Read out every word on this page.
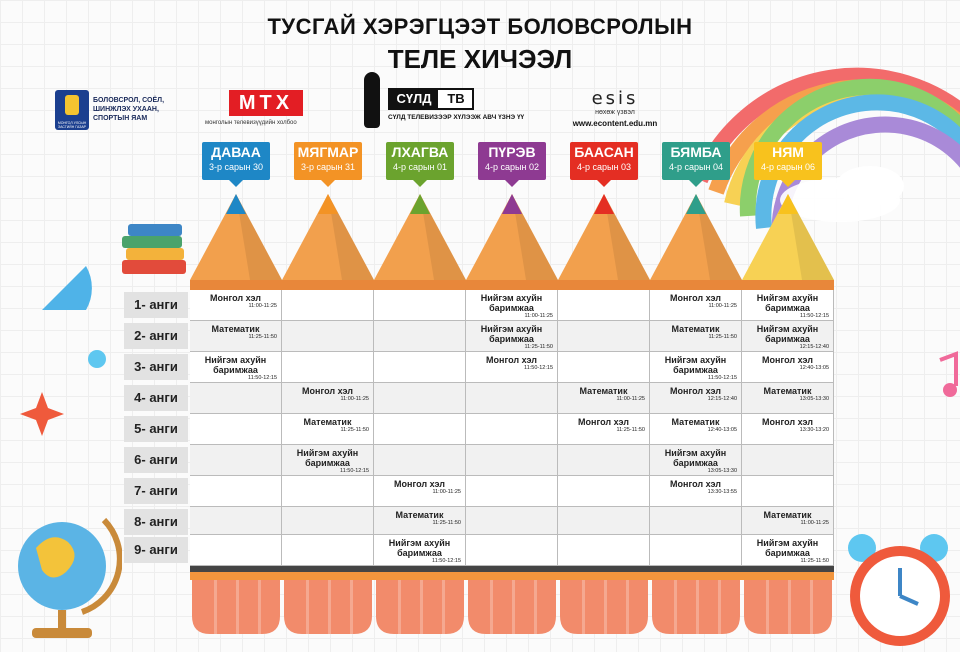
ТУСГАЙ ХЭРЭГЦЭЭТ БОЛОВСРОЛЫН
ТЕЛЕ ХИЧЭЭЛ
МОНГОЛ УЛСЫН ЗАСГИЙН ГАЗАР
БОЛОВСРОЛ, СОЁЛ, ШИНЖЛЭХ УХААН, СПОРТЫН ЯАМ
МТХ
монголын телевизүүдийн холбоо
СҮЛД	ТВ
СҮЛД ТЕЛЕВИЗЭЭР ХҮЛЭЭЖ АВЧ ҮЗНЭ ҮҮ
esis
нөхөж үзвэл
www.econtent.edu.mn
ДАВАА
3-р сарын 30
МЯГМАР
3-р сарын 31
ЛХАГВА
4-р сарын 01
ПҮРЭВ
4-р сарын 02
БААСАН
4-р сарын 03
БЯМБА
4-р сарын 04
НЯМ
4-р сарын 06
1- анги
2- анги
3- анги
4- анги
5- анги
6- анги
7- анги
8- анги
9- анги
Монгол хэл
11:00-11:25
Нийгэм ахуйн баримжаа
11:00-11:25
Монгол хэл
11:00-11:25
Нийгэм ахуйн баримжаа
11:50-12:15
Математик
11:25-11:50
Нийгэм ахуйн баримжаа
11:25-11:50
Математик
11:25-11:50
Нийгэм ахуйн баримжаа
12:15-12:40
Нийгэм ахуйн баримжаа
11:50-12:15
Монгол хэл
11:50-12:15
Нийгэм ахуйн баримжаа
11:50-12:15
Монгол хэл
12:40-13:05
Монгол хэл
11:00-11:25
Математик
11:00-11:25
Монгол хэл
12:15-12:40
Математик
13:05-13:30
Математик
11:25-11:50
Монгол хэл
11:25-11:50
Математик
12:40-13:05
Монгол хэл
13:30-13:20
Нийгэм ахуйн баримжаа
11:50-12:15
Нийгэм ахуйн баримжаа
13:05-13:30
Монгол хэл
11:00-11:25
Монгол хэл
13:30-13:55
Математик
11:25-11:50
Математик
11:00-11:25
Нийгэм ахуйн баримжаа
11:50-12:15
Нийгэм ахуйн баримжаа
11:25-11:50
